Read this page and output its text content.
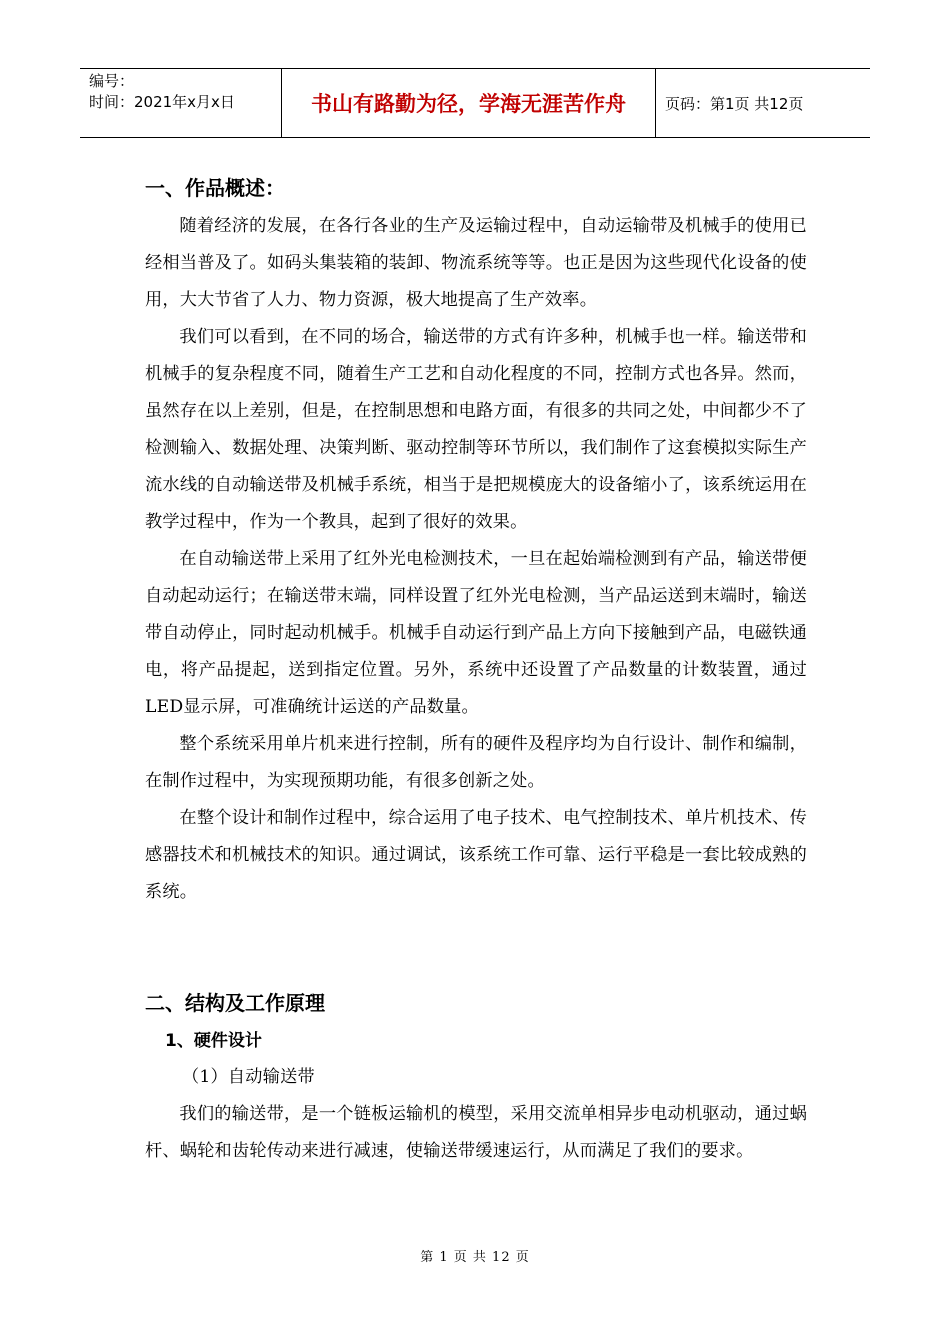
编号：
时间：2021年x月x日	书山有路勤为径，学海无涯苦作舟	页码：第1页 共12页
一、作品概述：

随着经济的发展，在各行各业的生产及运输过程中，自动运输带及机械手的使用已经相当普及了。如码头集装箱的装卸、物流系统等等。也正是因为这些现代化设备的使用，大大节省了人力、物力资源，极大地提高了生产效率。

我们可以看到，在不同的场合，输送带的方式有许多种，机械手也一样。输送带和机械手的复杂程度不同，随着生产工艺和自动化程度的不同，控制方式也各异。然而，虽然存在以上差别，但是，在控制思想和电路方面，有很多的共同之处，中间都少不了检测输入、数据处理、决策判断、驱动控制等环节所以，我们制作了这套模拟实际生产流水线的自动输送带及机械手系统，相当于是把规模庞大的设备缩小了，该系统运用在教学过程中，作为一个教具，起到了很好的效果。

在自动输送带上采用了红外光电检测技术，一旦在起始端检测到有产品，输送带便自动起动运行；在输送带末端，同样设置了红外光电检测，当产品运送到末端时，输送带自动停止，同时起动机械手。机械手自动运行到产品上方向下接触到产品，电磁铁通电，将产品提起，送到指定位置。另外，系统中还设置了产品数量的计数装置，通过LED显示屏，可准确统计运送的产品数量。

整个系统采用单片机来进行控制，所有的硬件及程序均为自行设计、制作和编制，在制作过程中，为实现预期功能，有很多创新之处。

在整个设计和制作过程中，综合运用了电子技术、电气控制技术、单片机技术、传感器技术和机械技术的知识。通过调试，该系统工作可靠、运行平稳是一套比较成熟的系统。

二、结构及工作原理
1、硬件设计

（1）自动输送带

我们的输送带，是一个链板运输机的模型，采用交流单相异步电动机驱动，通过蜗杆、蜗轮和齿轮传动来进行减速，使输送带缓速运行，从而满足了我们的要求。

第 1 页 共 12 页
